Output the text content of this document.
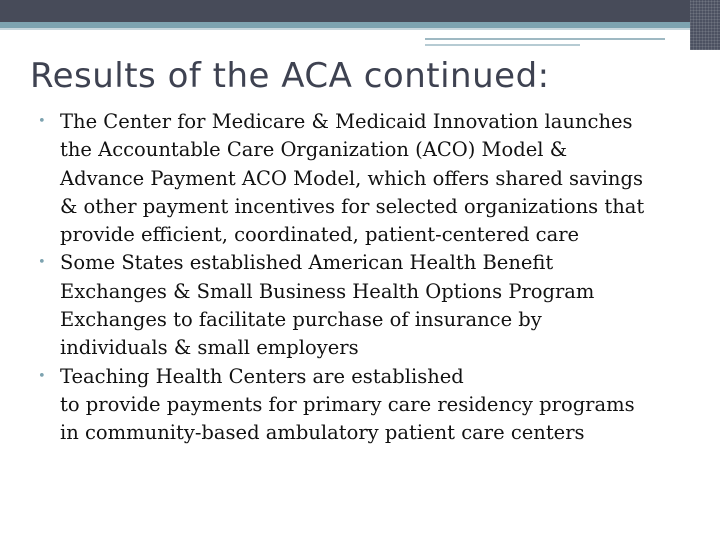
Results of the ACA continued:
• The Center for Medicare & Medicaid Innovation launches
the Accountable Care Organization (ACO) Model &
Advance Payment ACO Model, which offers shared savings
& other payment incentives for selected organizations that
provide efficient, coordinated, patient-centered care
• Some States established American Health Benefit
Exchanges & Small Business Health Options Program
Exchanges to facilitate purchase of insurance by
individuals & small employers
• Teaching Health Centers are established
to provide payments for primary care residency programs
in community-based ambulatory patient care centers
